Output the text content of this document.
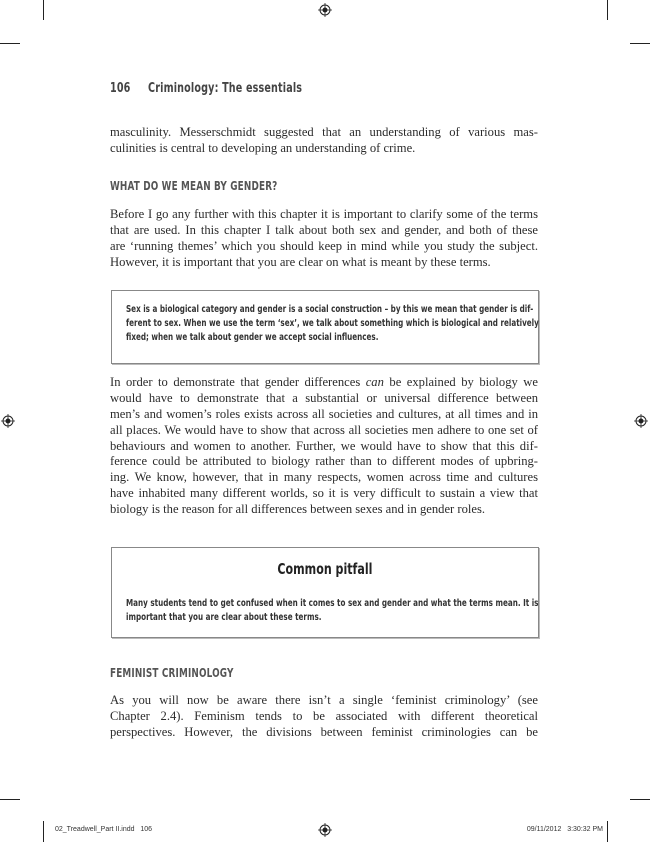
106 Criminology: The essentials
masculinity. Messerschmidt suggested that an understanding of various mas-
culinities is central to developing an understanding of crime.
WHAT DO WE MEAN BY GENDER?
Before I go any further with this chapter it is important to clarify some of the terms
that are used. In this chapter I talk about both sex and gender, and both of these
are ‘running themes’ which you should keep in mind while you study the subject.
However, it is important that you are clear on what is meant by these terms.
Sex is a biological category and gender is a social construction – by this we mean that gender is dif-
ferent to sex. When we use the term ‘sex’, we talk about something which is biological and relatively
fixed; when we talk about gender we accept social influences.
In order to demonstrate that gender differences can be explained by biology we
would have to demonstrate that a substantial or universal difference between
men’s and women’s roles exists across all societies and cultures, at all times and in
all places. We would have to show that across all societies men adhere to one set of
behaviours and women to another. Further, we would have to show that this dif-
ference could be attributed to biology rather than to different modes of upbring-
ing. We know, however, that in many respects, women across time and cultures
have inhabited many different worlds, so it is very difficult to sustain a view that
biology is the reason for all differences between sexes and in gender roles.
Common pitfall
Many students tend to get confused when it comes to sex and gender and what the terms mean. It is
important that you are clear about these terms.
FEMINIST CRIMINOLOGY
As you will now be aware there isn’t a single ‘feminist criminology’ (see
Chapter 2.4). Feminism tends to be associated with different theoretical
perspectives. However, the divisions between feminist criminologies can be
02_Treadwell_Part II.indd   106	09/11/2012   3:30:32 PM
